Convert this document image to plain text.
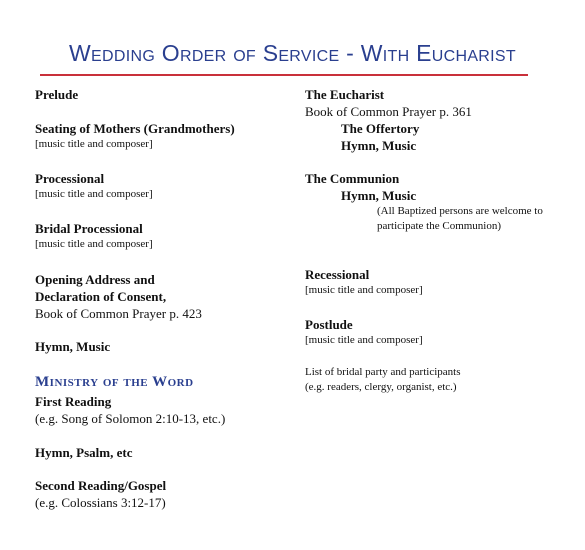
Wedding Order of Service - With Eucharist
Prelude
Seating of Mothers (Grandmothers)
[music title and composer]
Processional
[music title and composer]
Bridal Processional
[music title and composer]
Opening Address and
Declaration of Consent,
Book of Common Prayer p. 423
Hymn, Music
Ministry of the Word
First Reading
(e.g. Song of Solomon 2:10-13, etc.)
Hymn, Psalm, etc
Second Reading/Gospel
(e.g. Colossians 3:12-17)
The Eucharist
Book of Common Prayer p. 361
The Offertory
Hymn, Music
The Communion
Hymn, Music
(All Baptized persons are welcome to
participate the Communion)
Recessional
[music title and composer]
Postlude
[music title and composer]
List of bridal party and participants
(e.g. readers, clergy, organist, etc.)
